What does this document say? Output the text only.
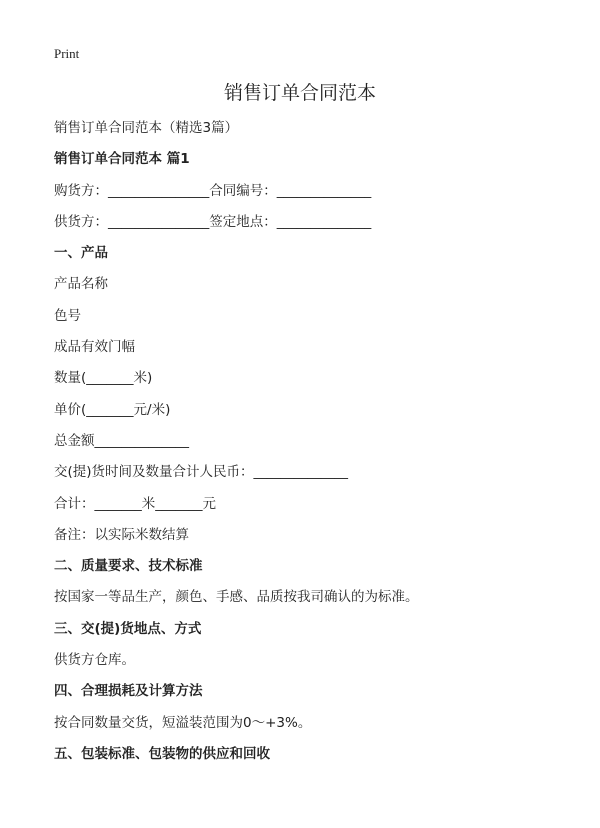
Print
销售订单合同范本
销售订单合同范本（精选3篇）
销售订单合同范本 篇1
购货方：_______________合同编号：______________
供货方：_______________签定地点：______________
一、产品
产品名称
色号
成品有效门幅
数量(_______米)
单价(_______元/米)
总金额______________
交(提)货时间及数量合计人民币：______________
合计：_______米_______元
备注：以实际米数结算
二、质量要求、技术标准
按国家一等品生产，颜色、手感、品质按我司确认的为标准。
三、交(提)货地点、方式
供货方仓库。
四、合理损耗及计算方法
按合同数量交货，短溢装范围为0～+3%。
五、包装标准、包装物的供应和回收
